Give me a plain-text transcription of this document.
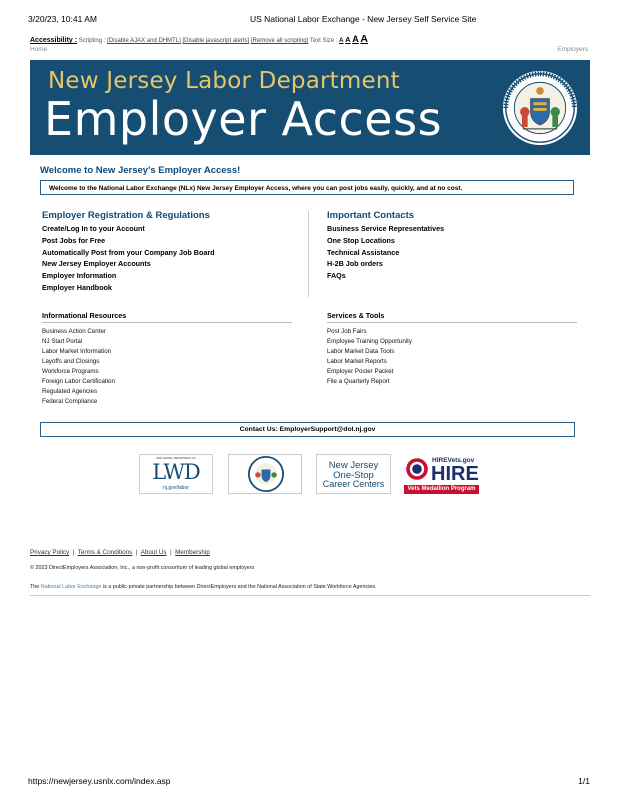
3/20/23, 10:41 AM	US National Labor Exchange - New Jersey Self Service Site
Accessibility : Scripting : [Disable AJAX and DHMTL] [Disable javascript alerts] [Remove all scripting] Text Size : A A A A
Home	Employers
New Jersey Labor Department
Employer Access
Welcome to New Jersey's Employer Access!
Welcome to the National Labor Exchange (NLx) New Jersey Employer Access, where you can post jobs easily, quickly, and at no cost.
Employer Registration & Regulations
Create/Log In to your Account
Post Jobs for Free
Automatically Post from your Company Job Board
New Jersey Employer Accounts
Employer Information
Employer Handbook
Important Contacts
Business Service Representatives
One Stop Locations
Technical Assistance
H-2B Job orders
FAQs
Informational Resources
Business Action Center
NJ Start Portal
Labor Market Information
Layoffs and Closings
Workforce Programs
Foreign Labor Certification
Regulated Agencies
Federal Compliance
Services & Tools
Post Job Fairs
Employee Training Opportunity
Labor Market Data Tools
Labor Market Reports
Employer Poster Packet
File a Quarterly Report
Contact Us: EmployerSupport@dol.nj.gov
NEW JERSEY DEPARTMENT OF
LWD
nj.gov/labor
New Jersey
One-Stop
Career Centers
HIREVets.gov
HIRE
Vets Medallion Program
Privacy Policy  |  Terms & Conditions  |  About Us  |  Membership
© 2023 DirectEmployers Association, Inc., a non-profit consortium of leading global employers
The National Labor Exchange is a public-private partnership between DirectEmployers and the National Association of State Workforce Agencies.
https://newjersey.usnlx.com/index.asp	1/1
